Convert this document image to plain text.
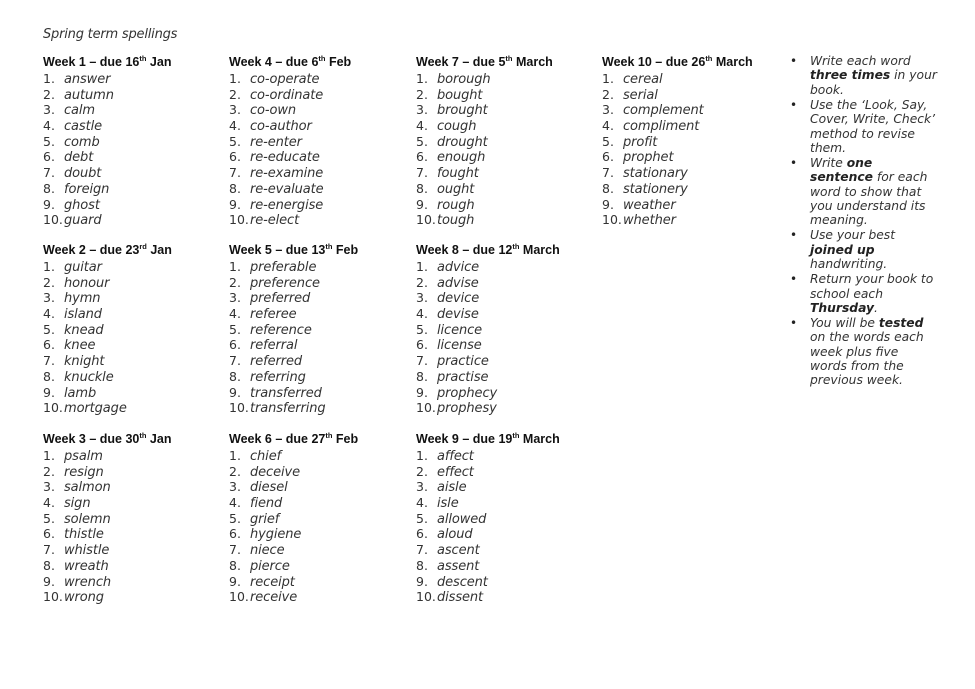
Spring term spellings
Week 1 – due 16th Jan
1. answer
2. autumn
3. calm
4. castle
5. comb
6. debt
7. doubt
8. foreign
9. ghost
10.guard
Week 2 – due 23rd Jan
1. guitar
2. honour
3. hymn
4. island
5. knead
6. knee
7. knight
8. knuckle
9. lamb
10.mortgage
Week 3 – due 30th Jan
1. psalm
2. resign
3. salmon
4. sign
5. solemn
6. thistle
7. whistle
8. wreath
9. wrench
10.wrong
Week 4 – due 6th Feb
1. co-operate
2. co-ordinate
3. co-own
4. co-author
5. re-enter
6. re-educate
7. re-examine
8. re-evaluate
9. re-energise
10.re-elect
Week 5 – due 13th Feb
1. preferable
2. preference
3. preferred
4. referee
5. reference
6. referral
7. referred
8. referring
9. transferred
10.transferring
Week 6 – due 27th Feb
1. chief
2. deceive
3. diesel
4. fiend
5. grief
6. hygiene
7. niece
8. pierce
9. receipt
10.receive
Week 7 – due 5th March
1. borough
2. bought
3. brought
4. cough
5. drought
6. enough
7. fought
8. ought
9. rough
10.tough
Week 8 – due 12th March
1. advice
2. advise
3. device
4. devise
5. licence
6. license
7. practice
8. practise
9. prophecy
10.prophesy
Week 9 – due 19th March
1. affect
2. effect
3. aisle
4. isle
5. allowed
6. aloud
7. ascent
8. assent
9. descent
10.dissent
Week 10 – due 26th March
1. cereal
2. serial
3. complement
4. compliment
5. profit
6. prophet
7. stationary
8. stationery
9. weather
10.whether
• Write each word three times in your book.
• Use the ‘Look, Say, Cover, Write, Check’ method to revise them.
• Write one sentence for each word to show that you understand its meaning.
• Use your best joined up handwriting.
• Return your book to school each Thursday.
• You will be tested on the words each week plus five words from the previous week.
